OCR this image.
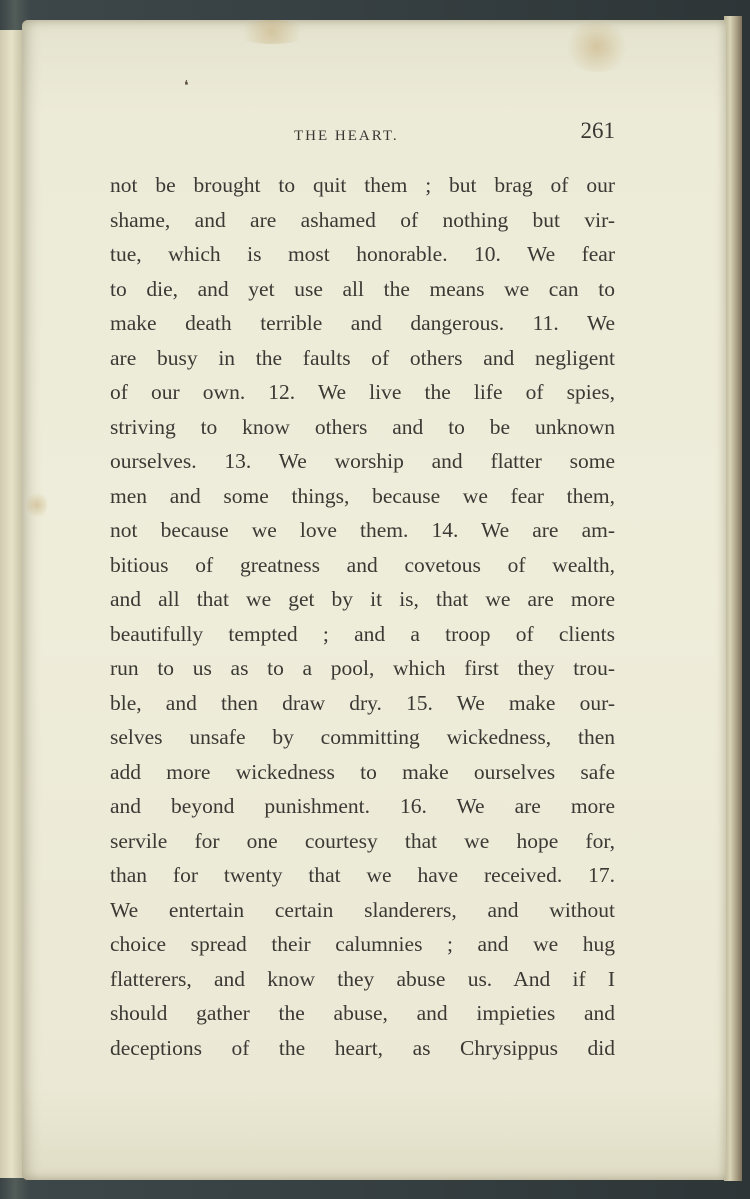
❛
THE HEART.	261
not be brought to quit them ; but brag of our
shame, and are ashamed of nothing but vir-
tue, which is most honorable. 10. We fear
to die, and yet use all the means we can to
make death terrible and dangerous. 11. We
are busy in the faults of others and negligent
of our own. 12. We live the life of spies,
striving to know others and to be unknown
ourselves. 13. We worship and flatter some
men and some things, because we fear them,
not because we love them. 14. We are am-
bitious of greatness and covetous of wealth,
and all that we get by it is, that we are more
beautifully tempted ; and a troop of clients
run to us as to a pool, which first they trou-
ble, and then draw dry. 15. We make our-
selves unsafe by committing wickedness, then
add more wickedness to make ourselves safe
and beyond punishment. 16. We are more
servile for one courtesy that we hope for,
than for twenty that we have received. 17.
We entertain certain slanderers, and without
choice spread their calumnies ; and we hug
flatterers, and know they abuse us. And if I
should gather the abuse, and impieties and
deceptions of the heart, as Chrysippus did
